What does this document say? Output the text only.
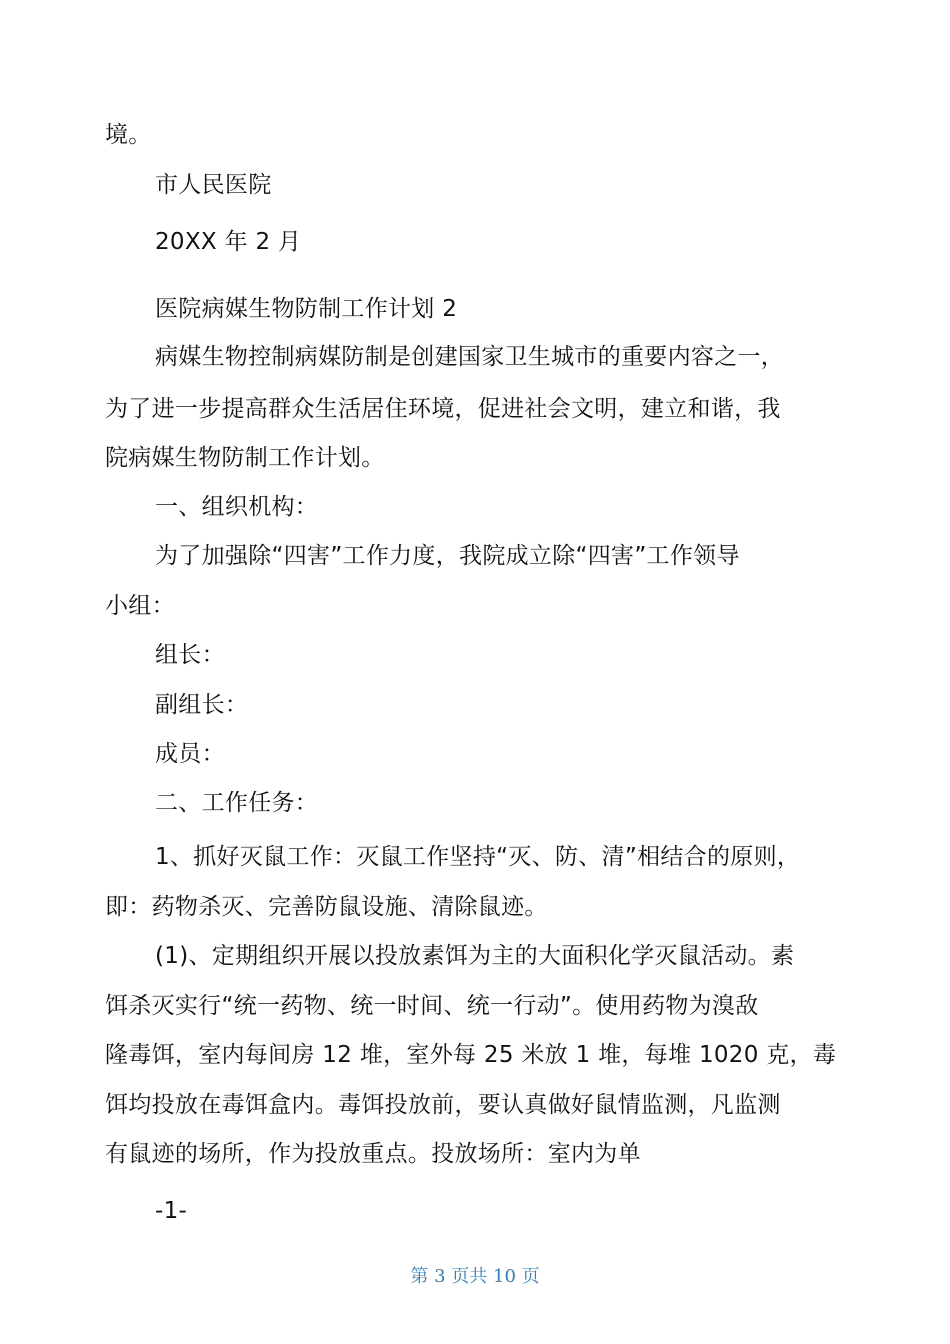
境。
市人民医院
20XX 年 2 月
医院病媒生物防制工作计划 2
病媒生物控制病媒防制是创建国家卫生城市的重要内容之一，
为了进一步提高群众生活居住环境，促进社会文明，建立和谐，我
院病媒生物防制工作计划。
一、组织机构：
为了加强除“四害”工作力度，我院成立除“四害”工作领导
小组：
组长：
副组长：
成员：
二、工作任务：
1、抓好灭鼠工作：灭鼠工作坚持“灭、防、清”相结合的原则，
即：药物杀灭、完善防鼠设施、清除鼠迹。
(1)、定期组织开展以投放素饵为主的大面积化学灭鼠活动。素
饵杀灭实行“统一药物、统一时间、统一行动”。使用药物为溴敌
隆毒饵，室内每间房 12 堆，室外每 25 米放 1 堆，每堆 1020 克，毒
饵均投放在毒饵盒内。毒饵投放前，要认真做好鼠情监测，凡监测
有鼠迹的场所，作为投放重点。投放场所：室内为单
-1-
第 3 页共 10 页
